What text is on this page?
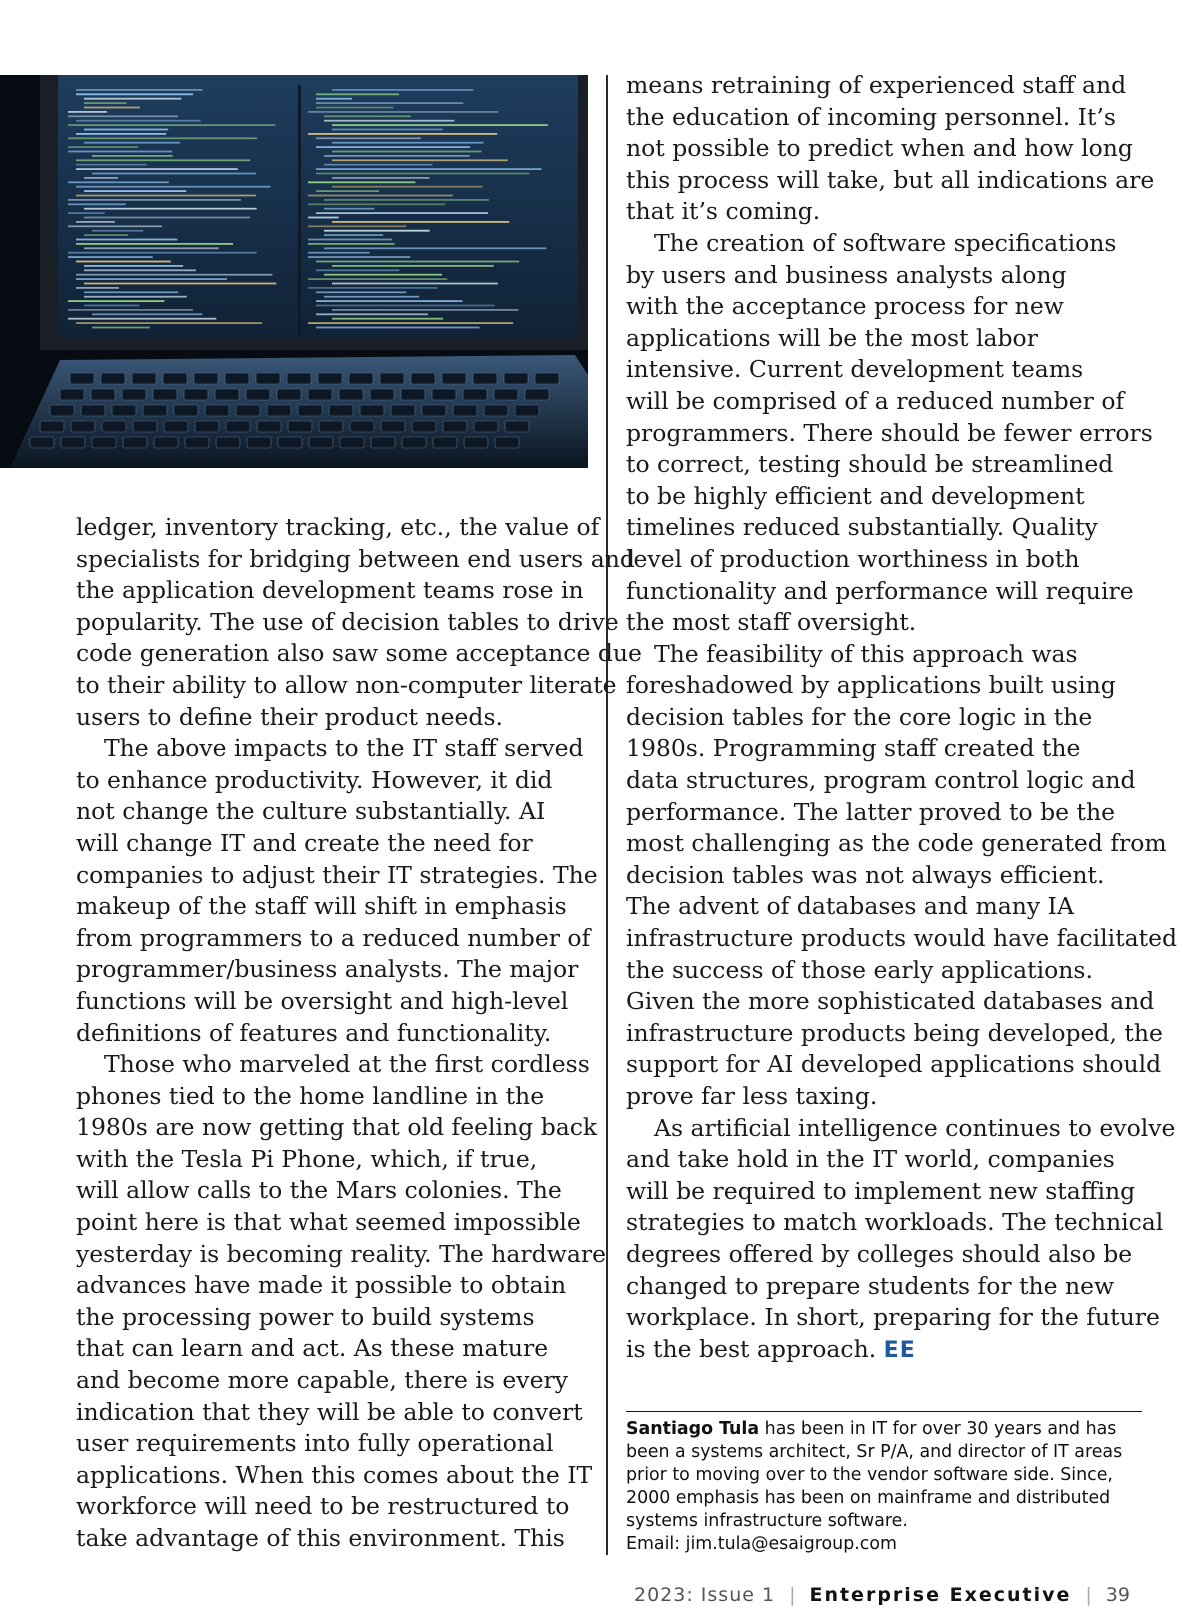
ledger, inventory tracking, etc., the value of

specialists for bridging between end users and

the application development teams rose in

popularity. The use of decision tables to drive

code generation also saw some acceptance due

to their ability to allow non-computer literate

users to define their product needs.

The above impacts to the IT staff served

to enhance productivity. However, it did

not change the culture substantially. AI

will change IT and create the need for

companies to adjust their IT strategies. The

makeup of the staff will shift in emphasis

from programmers to a reduced number of

programmer/business analysts. The major

functions will be oversight and high-level

definitions of features and functionality.

Those who marveled at the first cordless

phones tied to the home landline in the

1980s are now getting that old feeling back

with the Tesla Pi Phone, which, if true,

will allow calls to the Mars colonies. The

point here is that what seemed impossible

yesterday is becoming reality. The hardware

advances have made it possible to obtain

the processing power to build systems

that can learn and act. As these mature

and become more capable, there is every

indication that they will be able to convert

user requirements into fully operational

applications. When this comes about the IT

workforce will need to be restructured to

take advantage of this environment. This

means retraining of experienced staff and

the education of incoming personnel. It’s

not possible to predict when and how long

this process will take, but all indications are

that it’s coming.

The creation of software specifications

by users and business analysts along

with the acceptance process for new

applications will be the most labor

intensive. Current development teams

will be comprised of a reduced number of

programmers. There should be fewer errors

to correct, testing should be streamlined

to be highly efficient and development

timelines reduced substantially. Quality

level of production worthiness in both

functionality and performance will require

the most staff oversight.

The feasibility of this approach was

foreshadowed by applications built using

decision tables for the core logic in the

1980s. Programming staff created the

data structures, program control logic and

performance. The latter proved to be the

most challenging as the code generated from

decision tables was not always efficient.

The advent of databases and many IA

infrastructure products would have facilitated

the success of those early applications.

Given the more sophisticated databases and

infrastructure products being developed, the

support for AI developed applications should

prove far less taxing.

As artificial intelligence continues to evolve

and take hold in the IT world, companies

will be required to implement new staffing

strategies to match workloads. The technical

degrees offered by colleges should also be

changed to prepare students for the new

workplace. In short, preparing for the future

is the best approach. EE

Santiago Tula has been in IT for over 30 years and has

been a systems architect, Sr P/A, and director of IT areas

prior to moving over to the vendor software side. Since,

2000 emphasis has been on mainframe and distributed

systems infrastructure software.

Email: jim.tula@esaigroup.com

2023: Issue 1 | Enterprise Executive | 39
